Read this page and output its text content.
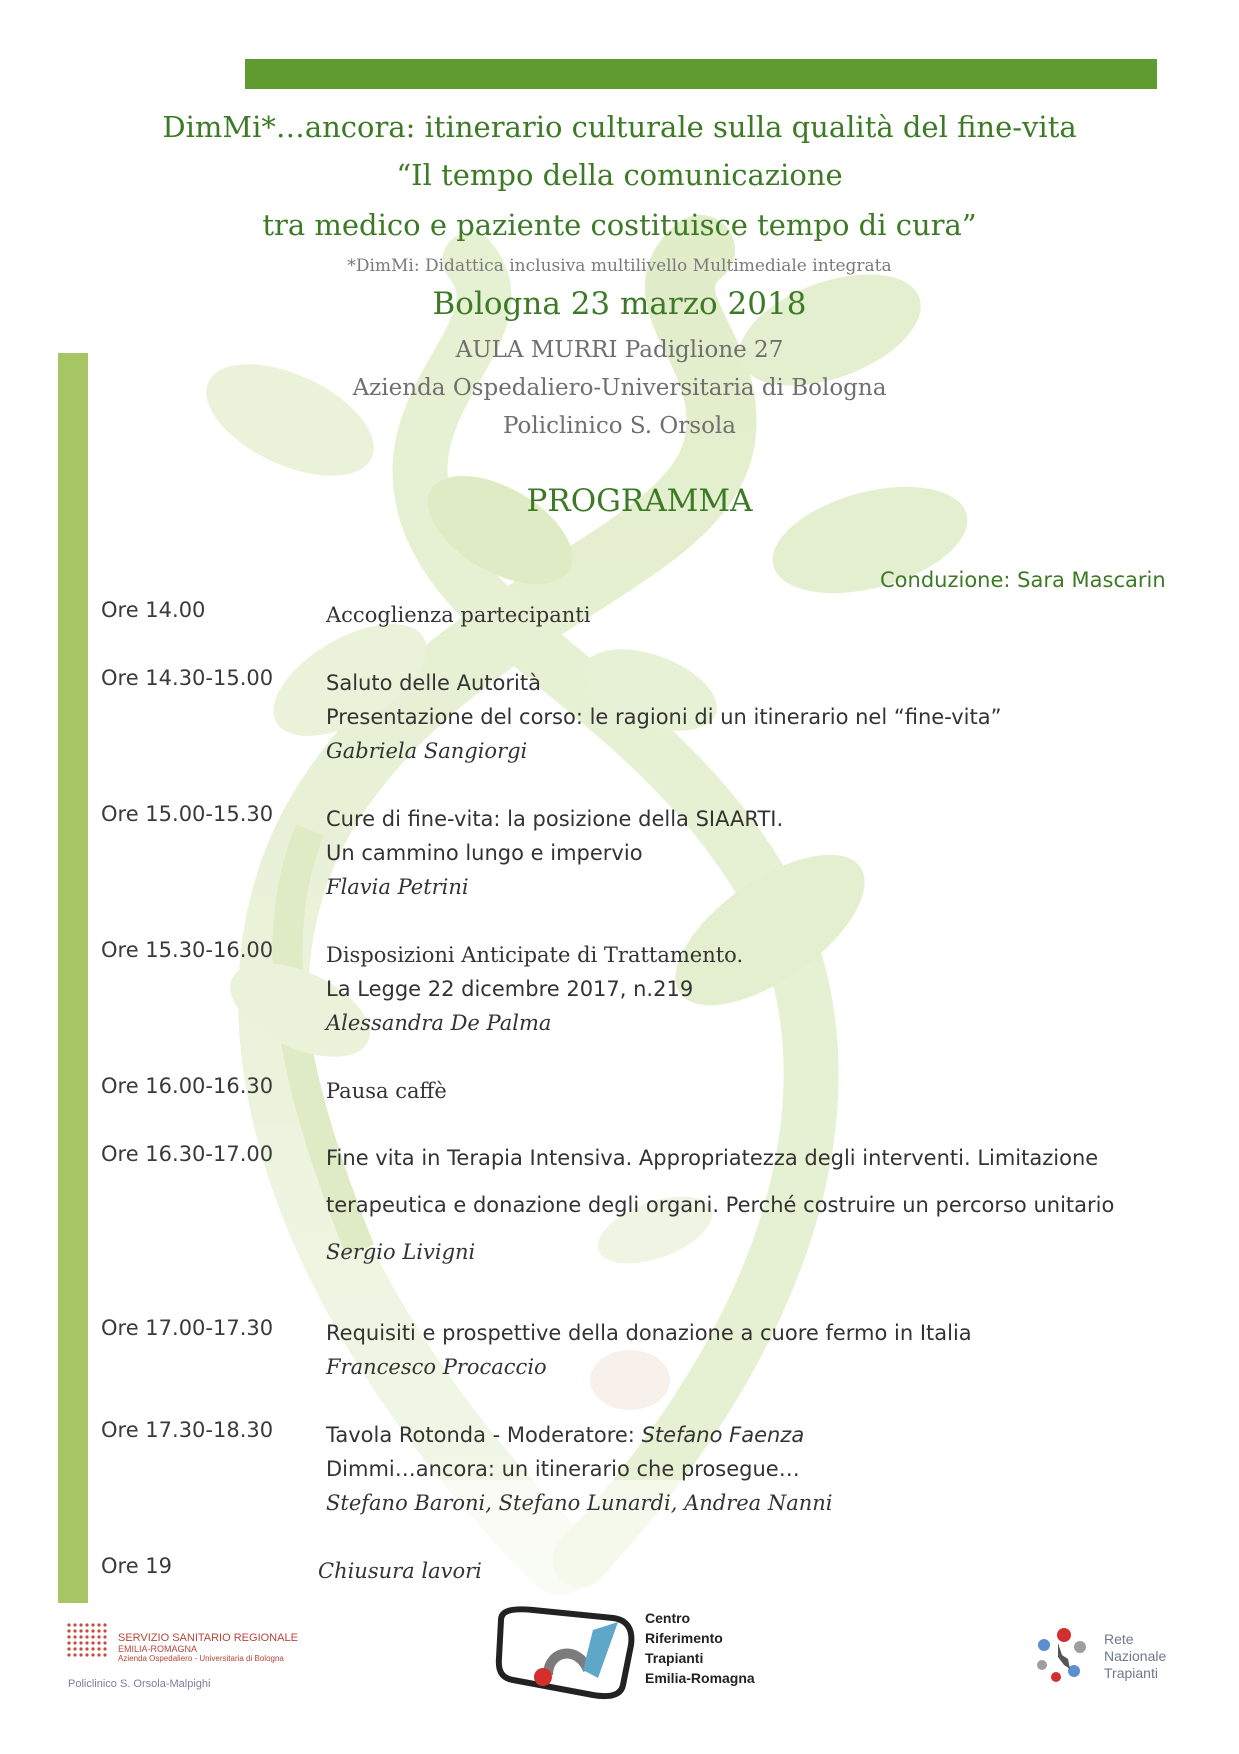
DimMi*…ancora: itinerario culturale sulla qualità del fine-vita
“Il tempo della comunicazione
tra medico e paziente costituisce tempo di cura”
*DimMi: Didattica inclusiva multilivello Multimediale integrata
Bologna 23 marzo 2018
AULA MURRI Padiglione 27
Azienda Ospedaliero-Universitaria di Bologna
Policlinico S. Orsola
PROGRAMMA
Conduzione: Sara Mascarin
Ore 14.00	Accoglienza partecipanti
Ore 14.30-15.00	Saluto delle Autorità
Presentazione del corso: le ragioni di un itinerario nel “fine-vita”
Gabriela Sangiorgi
Ore 15.00-15.30	Cure di fine-vita: la posizione della SIAARTI.
Un cammino lungo e impervio
Flavia Petrini
Ore 15.30-16.00	Disposizioni Anticipate di Trattamento.
La Legge 22 dicembre 2017, n.219
Alessandra De Palma
Ore 16.00-16.30	Pausa caffè
Ore 16.30-17.00	Fine vita in Terapia Intensiva. Appropriatezza degli interventi. Limitazione
terapeutica e donazione degli organi. Perché costruire un percorso unitario
Sergio Livigni
Ore 17.00-17.30	Requisiti e prospettive della donazione a cuore fermo in Italia
Francesco Procaccio
Ore 17.30-18.30	Tavola Rotonda - Moderatore: Stefano Faenza
Dimmi…ancora: un itinerario che prosegue…
Stefano Baroni, Stefano Lunardi, Andrea Nanni
Ore 19	Chiusura lavori
SERVIZIO SANITARIO REGIONALE
EMILIA-ROMAGNA
Azienda Ospedaliero - Universitaria di Bologna
Policlinico S. Orsola-Malpighi
Centro
Riferimento
Trapianti
Emilia-Romagna
Rete
Nazionale
Trapianti
